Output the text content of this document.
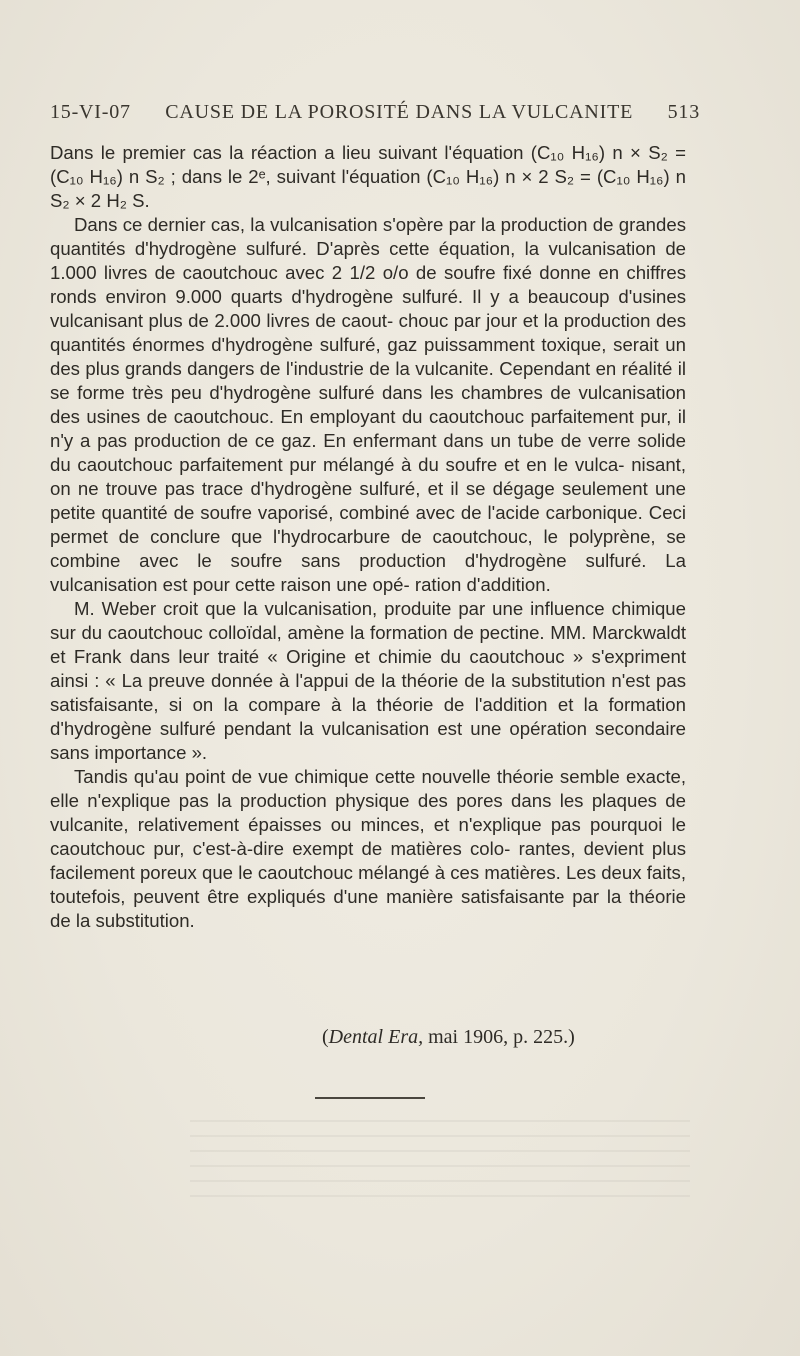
15-VI-07 CAUSE DE LA POROSITÉ DANS LA VULCANITE 513

Dans le premier cas la réaction a lieu suivant l'équation (C₁₀ H₁₆) n × S₂ = (C₁₀ H₁₆) n S₂ ; dans le 2ᵉ, suivant l'équation (C₁₀ H₁₆) n × 2 S₂ = (C₁₀ H₁₆) n S₂ × 2 H₂ S.

Dans ce dernier cas, la vulcanisation s'opère par la production de grandes quantités d'hydrogène sulfuré. D'après cette équation, la vulcanisation de 1.000 livres de caoutchouc avec 2 1/2 o/o de soufre fixé donne en chiffres ronds environ 9.000 quarts d'hydrogène sulfuré. Il y a beaucoup d'usines vulcanisant plus de 2.000 livres de caout- chouc par jour et la production des quantités énormes d'hydrogène sulfuré, gaz puissamment toxique, serait un des plus grands dangers de l'industrie de la vulcanite. Cependant en réalité il se forme très peu d'hydrogène sulfuré dans les chambres de vulcanisation des usines de caoutchouc. En employant du caoutchouc parfaitement pur, il n'y a pas production de ce gaz. En enfermant dans un tube de verre solide du caoutchouc parfaitement pur mélangé à du soufre et en le vulca- nisant, on ne trouve pas trace d'hydrogène sulfuré, et il se dégage seulement une petite quantité de soufre vaporisé, combiné avec de l'acide carbonique. Ceci permet de conclure que l'hydrocarbure de caoutchouc, le polyprène, se combine avec le soufre sans production d'hydrogène sulfuré. La vulcanisation est pour cette raison une opé- ration d'addition.

M. Weber croit que la vulcanisation, produite par une influence chimique sur du caoutchouc colloïdal, amène la formation de pectine. MM. Marckwaldt et Frank dans leur traité « Origine et chimie du caoutchouc » s'expriment ainsi : « La preuve donnée à l'appui de la théorie de la substitution n'est pas satisfaisante, si on la compare à la théorie de l'addition et la formation d'hydrogène sulfuré pendant la vulcanisation est une opération secondaire sans importance ».

Tandis qu'au point de vue chimique cette nouvelle théorie semble exacte, elle n'explique pas la production physique des pores dans les plaques de vulcanite, relativement épaisses ou minces, et n'explique pas pourquoi le caoutchouc pur, c'est-à-dire exempt de matières colo- rantes, devient plus facilement poreux que le caoutchouc mélangé à ces matières. Les deux faits, toutefois, peuvent être expliqués d'une manière satisfaisante par la théorie de la substitution.

(Dental Era, mai 1906, p. 225.)
